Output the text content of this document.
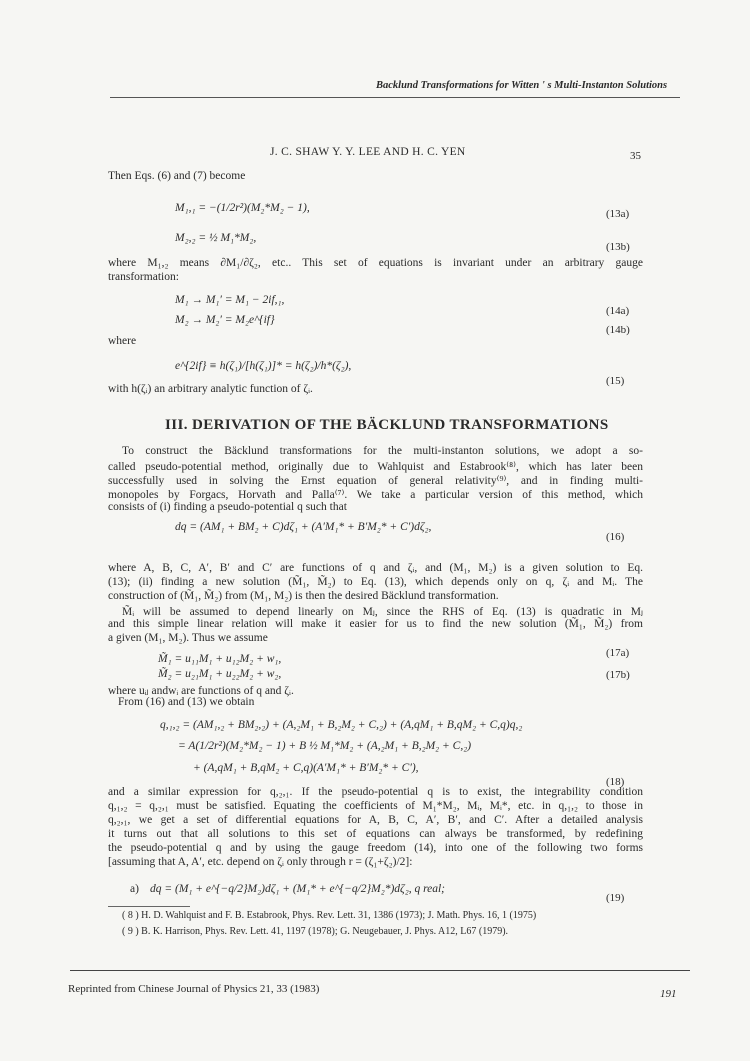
Backlund Transformations for Witten ' s Multi-Instanton Solutions
J. C. SHAW Y. Y. LEE AND H. C. YEN	35
Then Eqs. (6) and (7) become
M₁,₁ = −(1/2r²)(M₂*M₂ − 1),	(13a)
M₂,₂ = ½ M₁*M₂,
(13b)
where M₁,₂ means ∂M₁/∂ζ₂, etc.. This set of equations is invariant under an arbitrary gauge
transformation:
M₁ → M₁′ = M₁ − 2if,₁,
(14a)
M₂ → M₂′ = M₂e^{if}
(14b)
where
e^{2if} ≡ h(ζ₁)/[h(ζ₁)]* = h(ζ₂)/h*(ζ₂),
(15)
with h(ζᵢ) an arbitrary analytic function of ζᵢ.
III. DERIVATION OF THE BÄCKLUND TRANSFORMATIONS
To construct the Bäcklund transformations for the multi-instanton solutions, we adopt a so-
called pseudo-potential method, originally due to Wahlquist and Estabrook⁽⁸⁾, which has later been
successfully used in solving the Ernst equation of general relativity⁽⁹⁾, and in finding multi-
monopoles by Forgacs, Horvath and Palla⁽⁷⁾. We take a particular version of this method, which
consists of (i) finding a pseudo-potential q such that
dq = (AM₁ + BM₂ + C)dζ₁ + (A′M₁* + B′M₂* + C′)dζ₂,
(16)
where A, B, C, A′, B′ and C′ are functions of q and ζᵢ, and (M₁, M₂) is a given solution to Eq.
(13); (ii) finding a new solution (M̃₁, M̃₂) to Eq. (13), which depends only on q, ζᵢ and Mᵢ. The
construction of (M̃₁, M̃₂) from (M₁, M₂) is then the desired Bäcklund transformation.
M̃ᵢ will be assumed to depend linearly on Mⱼ, since the RHS of Eq. (13) is quadratic in Mⱼ
and this simple linear relation will make it easier for us to find the new solution (M̃₁, M̃₂) from
a given (M₁, M₂). Thus we assume
M̃₁ = u₁₁M₁ + u₁₂M₂ + w₁,	(17a)
M̃₂ = u₂₁M₁ + u₂₂M₂ + w₂,	(17b)
where uᵢⱼ andwᵢ are functions of q and ζᵢ.
From (16) and (13) we obtain
q,₁,₂ = (AM₁,₂ + BM₂,₂) + (A,₂M₁ + B,₂M₂ + C,₂) + (A,qM₁ + B,qM₂ + C,q)q,₂
= A(1/2r²)(M₂*M₂ − 1) + B ½ M₁*M₂ + (A,₂M₁ + B,₂M₂ + C,₂)
+ (A,qM₁ + B,qM₂ + C,q)(A′M₁* + B′M₂* + C′),
(18)
and a similar expression for q,₂,₁. If the pseudo-potential q is to exist, the integrability condition
q,₁,₂ = q,₂,₁ must be satisfied. Equating the coefficients of M₁*M₂, Mᵢ, Mᵢ*, etc. in q,₁,₂ to those in
q,₂,₁, we get a set of differential equations for A, B, C, A′, B′, and C′. After a detailed analysis
it turns out that all solutions to this set of equations can always be transformed, by redefining
the pseudo-potential q and by using the gauge freedom (14), into one of the following two forms
[assuming that A, A′, etc. depend on ζᵢ only through r = (ζ₁+ζ₂)/2]:
a) dq = (M₁ + e^{−q/2}M₂)dζ₁ + (M₁* + e^{−q/2}M₂*)dζ₂, q real;
(19)
( 8 ) H. D. Wahlquist and F. B. Estabrook, Phys. Rev. Lett. 31, 1386 (1973); J. Math. Phys. 16, 1 (1975)
( 9 ) B. K. Harrison, Phys. Rev. Lett. 41, 1197 (1978); G. Neugebauer, J. Phys. A12, L67 (1979).
Reprinted from Chinese Journal of Physics 21, 33 (1983)	191
